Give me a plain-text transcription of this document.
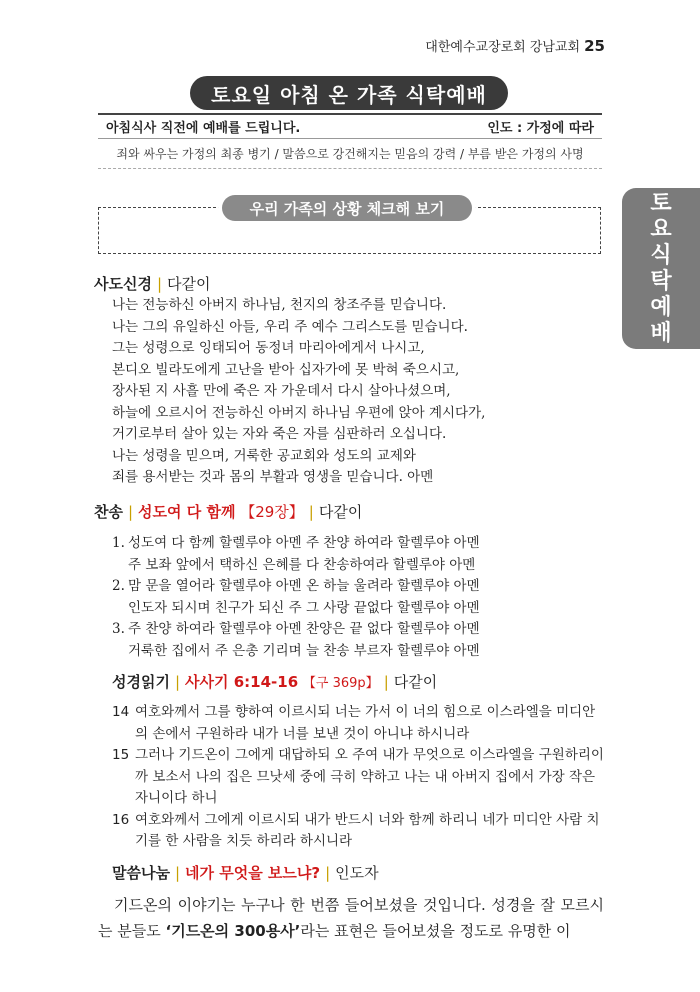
대한예수교장로회 강남교회 25
토요일 아침 온 가족 식탁예배
아침식사 직전에 예배를 드립니다.	인도 : 가정에 따라
죄와 싸우는 가정의 최종 병기 / 말씀으로 강건해지는 믿음의 강력 / 부름 받은 가정의 사명
우리 가족의 상황 체크해 보기	토
요
식
탁
예
배
사도신경 | 다같이
나는 전능하신 아버지 하나님, 천지의 창조주를 믿습니다.
나는 그의 유일하신 아들, 우리 주 예수 그리스도를 믿습니다.
그는 성령으로 잉태되어 동정녀 마리아에게서 나시고,
본디오 빌라도에게 고난을 받아 십자가에 못 박혀 죽으시고,
장사된 지 사흘 만에 죽은 자 가운데서 다시 살아나셨으며,
하늘에 오르시어 전능하신 아버지 하나님 우편에 앉아 계시다가,
거기로부터 살아 있는 자와 죽은 자를 심판하러 오십니다.
나는 성령을 믿으며, 거룩한 공교회와 성도의 교제와
죄를 용서받는 것과 몸의 부활과 영생을 믿습니다. 아멘
찬송 | 성도여 다 함께 【29장】 | 다같이
1. 성도여 다 함께 할렐루야 아멘 주 찬양 하여라 할렐루야 아멘
주 보좌 앞에서 택하신 은혜를 다 찬송하여라 할렐루야 아멘
2. 맘 문을 열어라 할렐루야 아멘 온 하늘 울려라 할렐루야 아멘
인도자 되시며 친구가 되신 주 그 사랑 끝없다 할렐루야 아멘
3. 주 찬양 하여라 할렐루야 아멘 찬양은 끝 없다 할렐루야 아멘
거룩한 집에서 주 은총 기리며 늘 찬송 부르자 할렐루야 아멘
성경읽기 | 사사기 6:14-16 【구 369p】 | 다같이
14 여호와께서 그를 향하여 이르시되 너는 가서 이 너의 힘으로 이스라엘을 미디안의 손에서 구원하라 내가 너를 보낸 것이 아니냐 하시니라
15 그러나 기드온이 그에게 대답하되 오 주여 내가 무엇으로 이스라엘을 구원하리이까 보소서 나의 집은 므낫세 중에 극히 약하고 나는 내 아버지 집에서 가장 작은 자니이다 하니
16 여호와께서 그에게 이르시되 내가 반드시 너와 함께 하리니 네가 미디안 사람 치기를 한 사람을 치듯 하리라 하시니라
말씀나눔 | 네가 무엇을 보느냐? | 인도자
기드온의 이야기는 누구나 한 번쯤 들어보셨을 것입니다. 성경을 잘 모르시는 분들도 ‘기드온의 300용사’라는 표현은 들어보셨을 정도로 유명한 이
